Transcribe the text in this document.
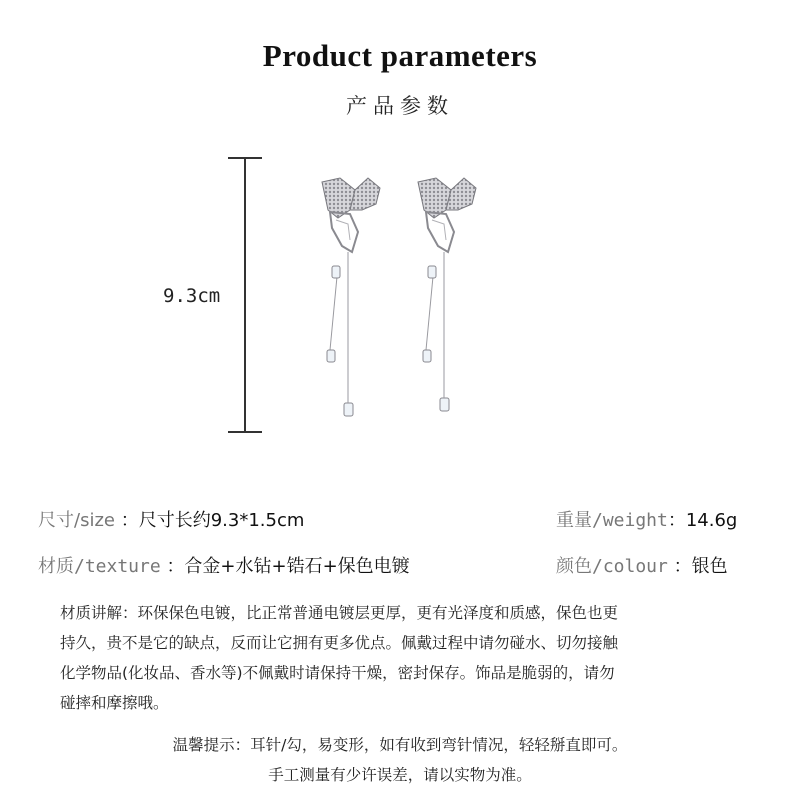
Product parameters
产品参数
9.3cm
尺寸/size ：尺寸长约9.3*1.5cm	重量/weight：14.6g
材质/texture ：合金+水钻+锆石+保色电镀	颜色/colour ：银色

材质讲解：环保保色电镀，比正常普通电镀层更厚，更有光泽度和质感，保色也更

持久，贵不是它的缺点，反而让它拥有更多优点。佩戴过程中请勿碰水、切勿接触

化学物品(化妆品、香水等)不佩戴时请保持干燥，密封保存。饰品是脆弱的，请勿

碰摔和摩擦哦。

温馨提示：耳针/勾，易变形，如有收到弯针情况，轻轻掰直即可。
手工测量有少许误差，请以实物为准。
